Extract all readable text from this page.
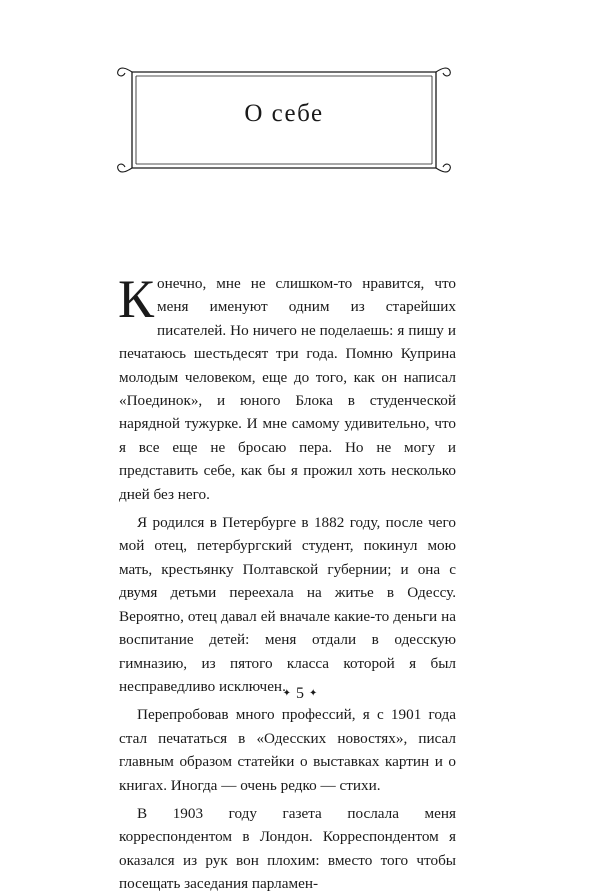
О себе

Конечно, мне не слишком-то нравится, что меня именуют одним из старейших писателей. Но ничего не поделаешь: я пишу и печатаюсь шестьдесят три года. Помню Куприна молодым человеком, еще до того, как он написал «Поединок», и юного Блока в студенческой нарядной тужурке. И мне самому удивительно, что я все еще не бросаю пера. Но не могу и представить себе, как бы я прожил хоть несколько дней без него.

Я родился в Петербурге в 1882 году, после чего мой отец, петербургский студент, покинул мою мать, крестьянку Полтавской губернии; и она с двумя детьми переехала на житье в Одессу. Вероятно, отец давал ей вначале какие-то деньги на воспитание детей: меня отдали в одесскую гимназию, из пятого класса которой я был несправедливо исключен.

Перепробовав много профессий, я с 1901 года стал печататься в «Одесских новостях», писал главным образом статейки о выставках картин и о книгах. Иногда — очень редко — стихи.

В 1903 году газета послала меня корреспондентом в Лондон. Корреспондентом я оказался из рук вон плохим: вместо того чтобы посещать заседания парламен-

✦ 5 ✦
